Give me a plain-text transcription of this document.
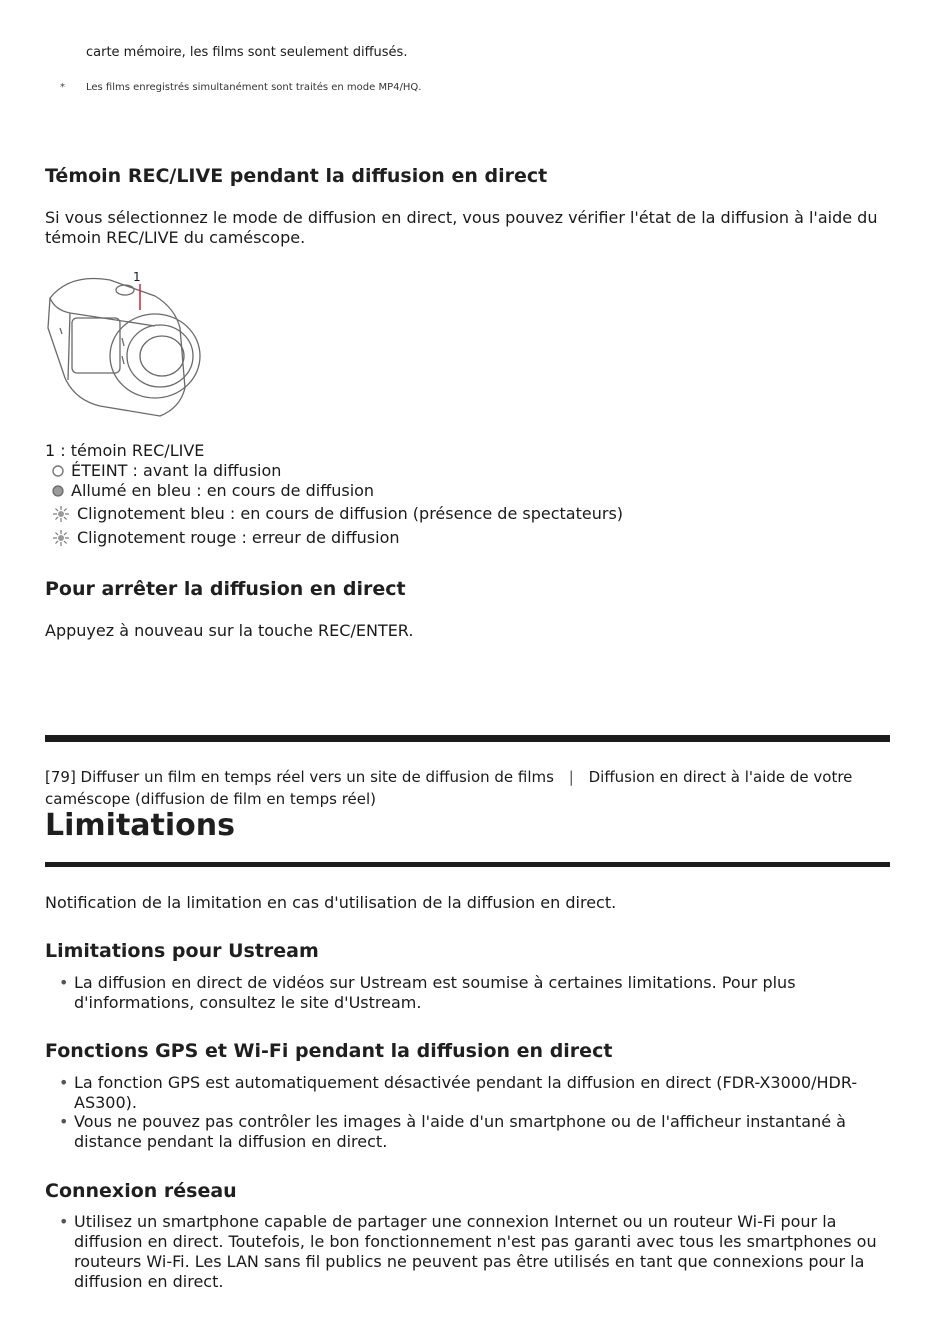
carte mémoire, les films sont seulement diffusés.
* Les films enregistrés simultanément sont traités en mode MP4/HQ.
Témoin REC/LIVE pendant la diffusion en direct
Si vous sélectionnez le mode de diffusion en direct, vous pouvez vérifier l'état de la diffusion à l'aide du témoin REC/LIVE du caméscope.
1
1 : témoin REC/LIVE
ÉTEINT : avant la diffusion
Allumé en bleu : en cours de diffusion
Clignotement bleu : en cours de diffusion (présence de spectateurs)
Clignotement rouge : erreur de diffusion
Pour arrêter la diffusion en direct
Appuyez à nouveau sur la touche REC/ENTER.
[79] Diffuser un film en temps réel vers un site de diffusion de films | Diffusion en direct à l'aide de votre caméscope (diffusion de film en temps réel)
Limitations
Notification de la limitation en cas d'utilisation de la diffusion en direct.
Limitations pour Ustream
• La diffusion en direct de vidéos sur Ustream est soumise à certaines limitations. Pour plus d'informations, consultez le site d'Ustream.
Fonctions GPS et Wi-Fi pendant la diffusion en direct
• La fonction GPS est automatiquement désactivée pendant la diffusion en direct (FDR-X3000/HDR-AS300).
• Vous ne pouvez pas contrôler les images à l'aide d'un smartphone ou de l'afficheur instantané à distance pendant la diffusion en direct.
Connexion réseau
• Utilisez un smartphone capable de partager une connexion Internet ou un routeur Wi-Fi pour la diffusion en direct. Toutefois, le bon fonctionnement n'est pas garanti avec tous les smartphones ou routeurs Wi-Fi. Les LAN sans fil publics ne peuvent pas être utilisés en tant que connexions pour la diffusion en direct.
